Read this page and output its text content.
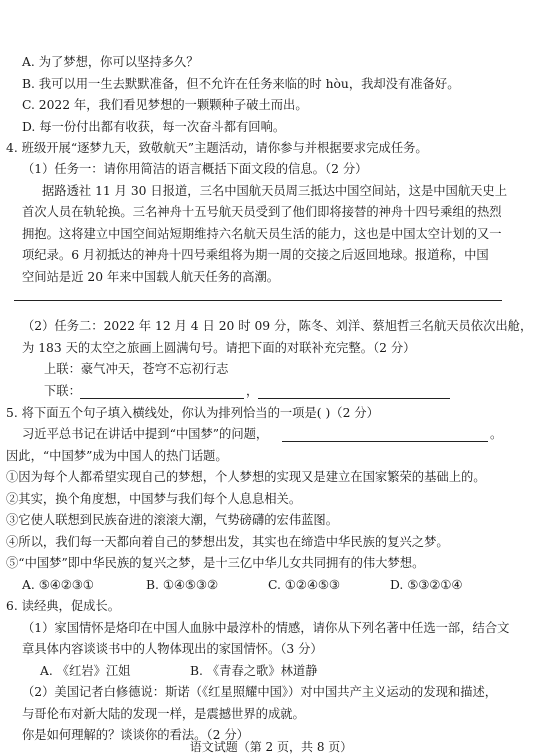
A. 为了梦想，你可以坚持多久？
B. 我可以用一生去默默准备，但不允许在任务来临的时 hòu，我却没有准备好。
C. 2022 年，我们看见梦想的一颗颗种子破土而出。
D. 每一份付出都有收获，每一次奋斗都有回响。
4. 班级开展“逐梦九天，致敬航天”主题活动，请你参与并根据要求完成任务。
（1）任务一：请你用简洁的语言概括下面文段的信息。（2 分）
据路透社 11 月 30 日报道，三名中国航天员周三抵达中国空间站，这是中国航天史上
首次人员在轨轮换。三名神舟十五号航天员受到了他们即将接替的神舟十四号乘组的热烈
拥抱。这将建立中国空间站短期维持六名航天员生活的能力，这也是中国太空计划的又一
项纪录。6 月初抵达的神舟十四号乘组将为期一周的交接之后返回地球。报道称，中国
空间站是近 20 年来中国载人航天任务的高潮。
（2）任务二：2022 年 12 月 4 日 20 时 09 分，陈冬、刘洋、蔡旭哲三名航天员依次出舱，
为 183 天的太空之旅画上圆满句号。请把下面的对联补充完整。（2 分）
上联：豪气冲天，苍穹不忘初行志
下联：	，
5. 将下面五个句子填入横线处，你认为排列恰当的一项是( )（2 分）
习近平总书记在讲话中提到“中国梦”的问题，	。
因此，“中国梦”成为中国人的热门话题。
①因为每个人都希望实现自己的梦想，个人梦想的实现又是建立在国家繁荣的基础上的。
②其实，换个角度想，中国梦与我们每个人息息相关。
③它使人联想到民族奋进的滚滚大潮，气势磅礴的宏伟蓝图。
④所以，我们每一天都向着自己的梦想出发，其实也在缔造中华民族的复兴之梦。
⑤“中国梦”即中华民族的复兴之梦，是十三亿中华儿女共同拥有的伟大梦想。
A. ⑤④②③①	B. ①④⑤③②	C. ①②④⑤③	D. ⑤③②①④
6. 读经典，促成长。
（1）家国情怀是烙印在中国人血脉中最淳朴的情感，请你从下列名著中任选一部，结合文
章具体内容谈谈书中的人物体现出的家国情怀。（3 分）
A. 《红岩》江姐	B. 《青春之歌》林道静
（2）美国记者白修德说：斯诺（《红星照耀中国》）对中国共产主义运动的发现和描述，
与哥伦布对新大陆的发现一样，是震撼世界的成就。
你是如何理解的？谈谈你的看法。（2 分）
语文试题（第 2 页，共 8 页）
